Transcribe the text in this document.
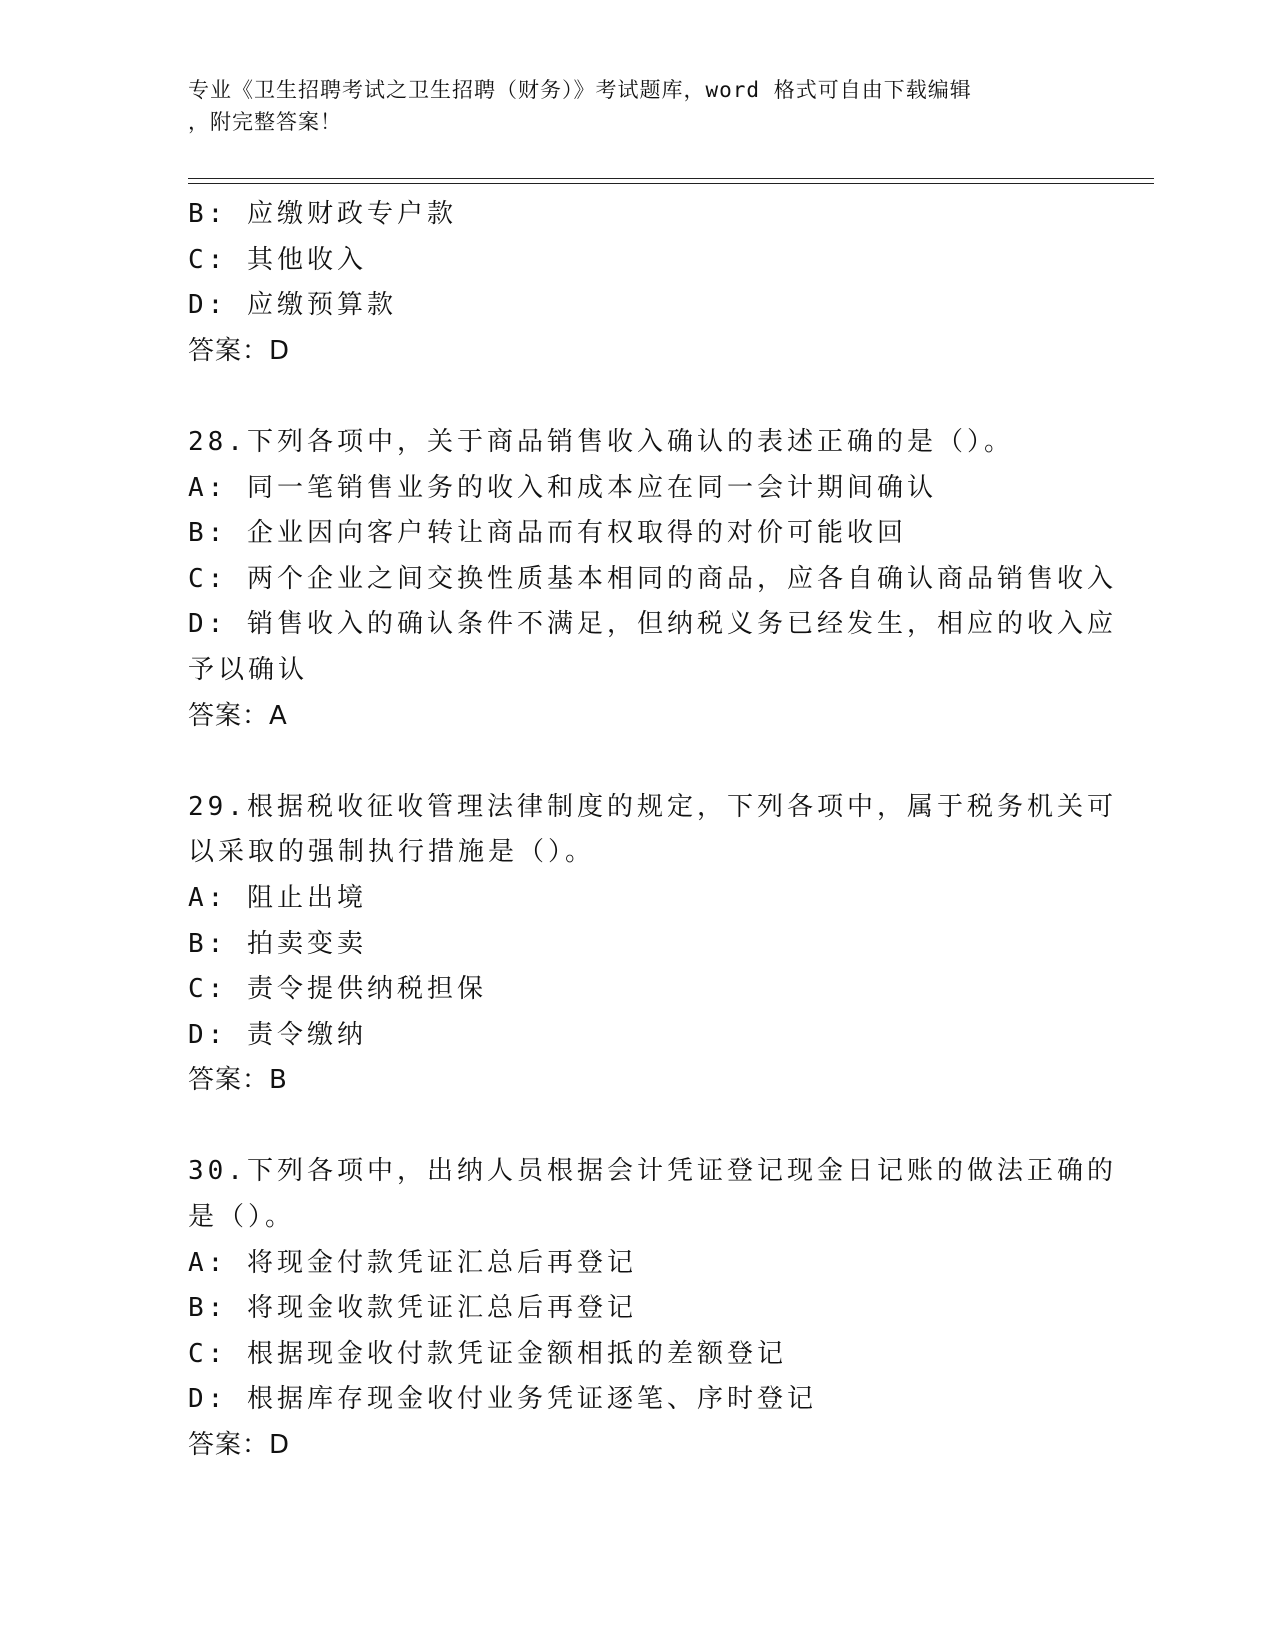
专业《卫生招聘考试之卫生招聘（财务）》考试题库，word 格式可自由下载编辑
，附完整答案！

B: 应缴财政专户款

C: 其他收入

D: 应缴预算款

答案：D

28.下列各项中，关于商品销售收入确认的表述正确的是（）。

A: 同一笔销售业务的收入和成本应在同一会计期间确认

B: 企业因向客户转让商品而有权取得的对价可能收回

C: 两个企业之间交换性质基本相同的商品，应各自确认商品销售收入

D: 销售收入的确认条件不满足，但纳税义务已经发生，相应的收入应

予以确认

答案：A

29.根据税收征收管理法律制度的规定，下列各项中，属于税务机关可

以采取的强制执行措施是（）。

A: 阻止出境

B: 拍卖变卖

C: 责令提供纳税担保

D: 责令缴纳

答案：B

30.下列各项中，出纳人员根据会计凭证登记现金日记账的做法正确的

是（）。

A: 将现金付款凭证汇总后再登记

B: 将现金收款凭证汇总后再登记

C: 根据现金收付款凭证金额相抵的差额登记

D: 根据库存现金收付业务凭证逐笔、序时登记

答案：D
